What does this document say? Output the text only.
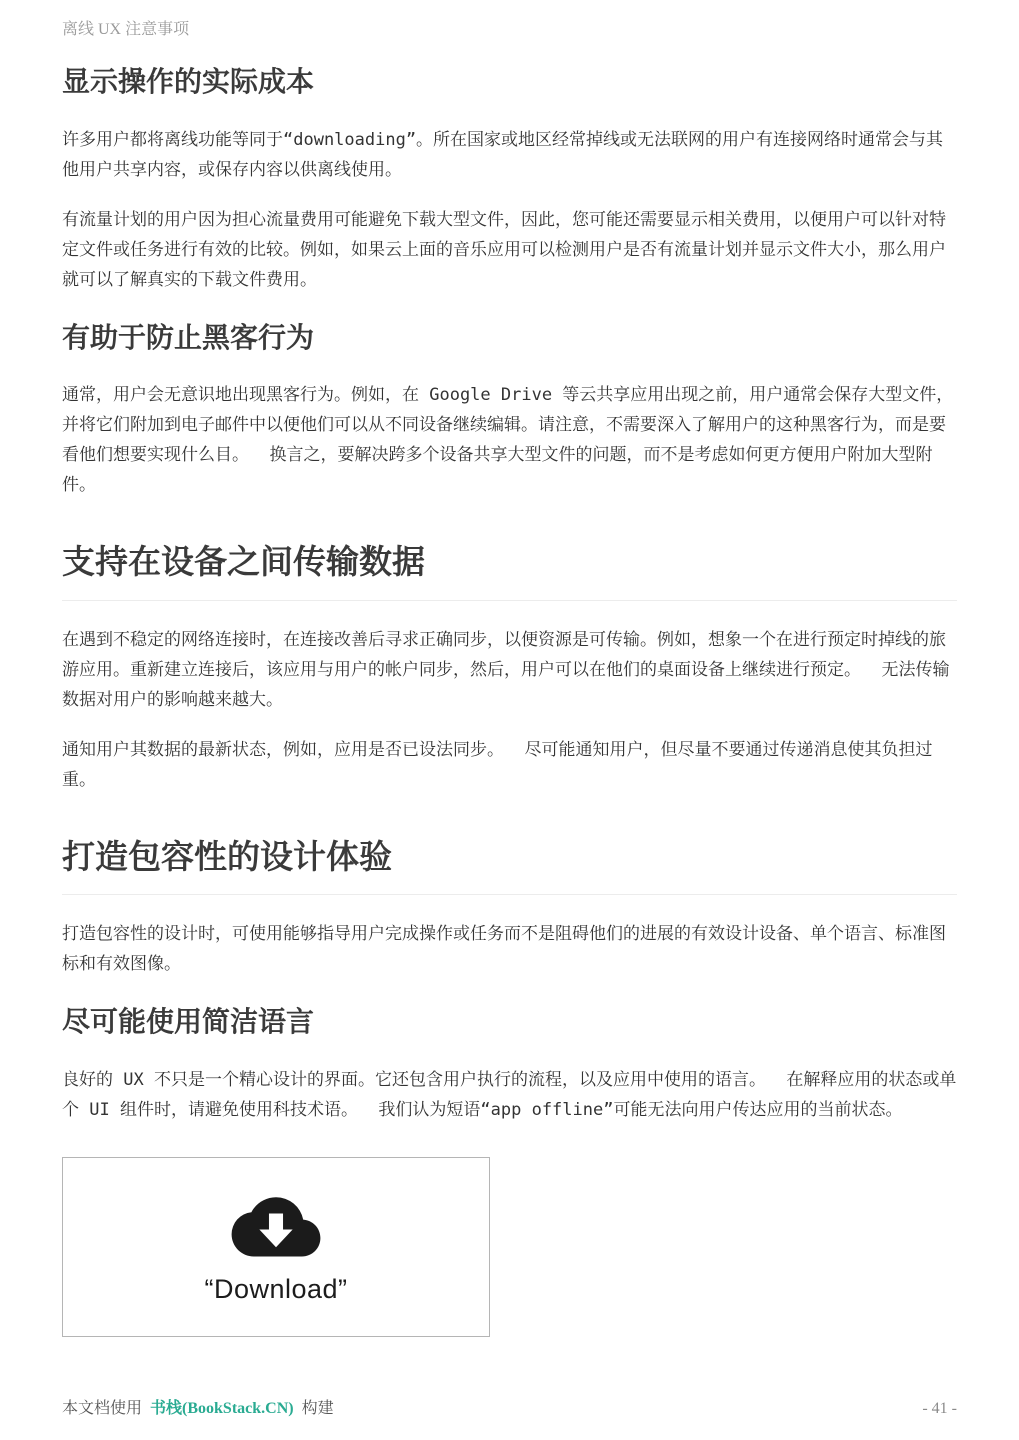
离线 UX 注意事项
显示操作的实际成本

许多用户都将离线功能等同于“downloading”。所在国家或地区经常掉线或无法联网的用户有连接网络时通常会与其他用户共享内容，或保存内容以供离线使用。

有流量计划的用户因为担心流量费用可能避免下载大型文件，因此，您可能还需要显示相关费用，以便用户可以针对特定文件或任务进行有效的比较。例如，如果云上面的音乐应用可以检测用户是否有流量计划并显示文件大小，那么用户就可以了解真实的下载文件费用。

有助于防止黑客行为

通常，用户会无意识地出现黑客行为。例如，在 Google Drive 等云共享应用出现之前，用户通常会保存大型文件，并将它们附加到电子邮件中以便他们可以从不同设备继续编辑。请注意，不需要深入了解用户的这种黑客行为，而是要看他们想要实现什么目。  换言之，要解决跨多个设备共享大型文件的问题，而不是考虑如何更方便用户附加大型附件。

支持在设备之间传输数据

在遇到不稳定的网络连接时，在连接改善后寻求正确同步，以便资源是可传输。例如，想象一个在进行预定时掉线的旅游应用。重新建立连接后，该应用与用户的帐户同步，然后，用户可以在他们的桌面设备上继续进行预定。  无法传输数据对用户的影响越来越大。

通知用户其数据的最新状态，例如，应用是否已设法同步。  尽可能通知用户，但尽量不要通过传递消息使其负担过重。

打造包容性的设计体验

打造包容性的设计时，可使用能够指导用户完成操作或任务而不是阻碍他们的进展的有效设计设备、单个语言、标准图标和有效图像。

尽可能使用简洁语言

良好的 UX 不只是一个精心设计的界面。它还包含用户执行的流程，以及应用中使用的语言。  在解释应用的状态或单个 UI 组件时，请避免使用科技术语。  我们认为短语“app offline”可能无法向用户传达应用的当前状态。

“Download”
本文档使用 书栈(BookStack.CN) 构建	- 41 -
